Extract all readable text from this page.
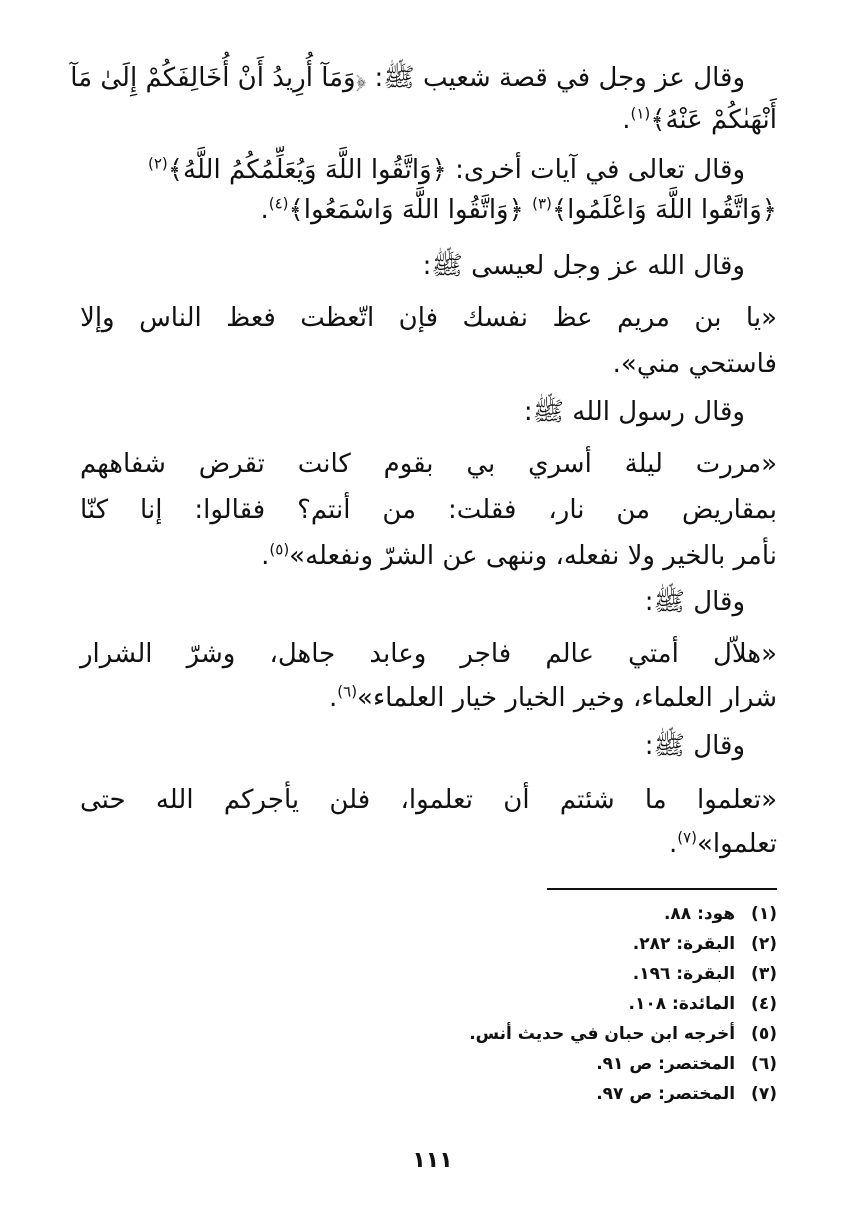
وقال عز وجل في قصة شعيب ﷺ: ﴿وَمَآ أُرِيدُ أَنْ أُخَالِفَكُمْ إِلَىٰ مَآ
أَنْهَىٰكُمْ عَنْهُ﴾$^{(١)}$.
وقال تعالى في آيات أخرى: ﴿وَاتَّقُوا اللَّهَ وَيُعَلِّمُكُمُ اللَّهُ﴾$^{(٢)}$
﴿وَاتَّقُوا اللَّهَ وَاعْلَمُوا﴾$^{(٣)}$ ﴿وَاتَّقُوا اللَّهَ وَاسْمَعُوا﴾$^{(٤)}$.
وقال الله عز وجل لعيسى ﷺ:
«يا بن مريم عظ نفسك فإن اتّعظت فعظ الناس وإلا
فاستحي مني».
وقال رسول الله ﷺ:
«مررت ليلة أسري بي بقوم كانت تقرض شفاههم
بمقاريض من نار، فقلت: من أنتم؟ فقالوا: إنا كنّا
نأمر بالخير ولا نفعله، وننهى عن الشرّ ونفعله»$^{(٥)}$.
وقال ﷺ:
«هلاّل أمتي عالم فاجر وعابد جاهل، وشرّ الشرار
شرار العلماء، وخير الخيار خيار العلماء»$^{(٦)}$.
وقال ﷺ:
«تعلموا ما شئتم أن تعلموا، فلن يأجركم الله حتى
تعلموا»$^{(٧)}$.
(١) هود: ٨٨.
(٢) البقرة: ٢٨٢.
(٣) البقرة: ١٩٦.
(٤) المائدة: ١٠٨.
(٥) أخرجه ابن حبان في حديث أنس.
(٦) المختصر: ص ٩١.
(٧) المختصر: ص ٩٧.
١١١
